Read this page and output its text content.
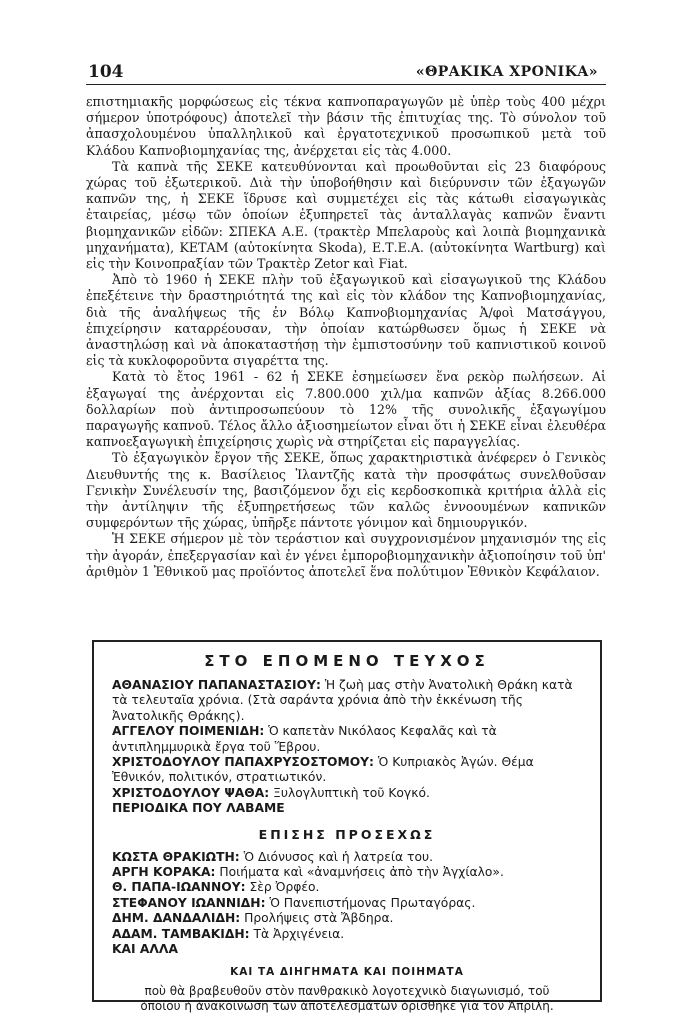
104	«ΘΡΑΚΙΚΑ ΧΡΟΝΙΚΑ»

επιστημιακῆς μορφώσεως εἰς τέκνα καπνοπαραγωγῶν μὲ ὑπὲρ τοὺς 400 μέχρι σήμερον ὑποτρόφους) ἀποτελεῖ τὴν βάσιν τῆς ἐπιτυχίας της. Τὸ σύνολον τοῦ ἀπασχολουμένου ὑπαλληλικοῦ καὶ ἐργατοτεχνικοῦ προσωπικοῦ μετὰ τοῦ Κλάδου Καπνοβιομηχανίας της, ἀνέρχεται εἰς τὰς 4.000.

Τὰ καπνὰ τῆς ΣΕΚΕ κατευθύνονται καὶ προωθοῦνται εἰς 23 διαφόρους χώρας τοῦ ἐξωτερικοῦ. Διὰ τὴν ὑποβοήθησιν καὶ διεύρυνσιν τῶν ἐξαγωγῶν καπνῶν της, ἡ ΣΕΚΕ ἵδρυσε καὶ συμμετέχει εἰς τὰς κάτωθι εἰσαγωγικὰς ἑταιρείας, μέσῳ τῶν ὁποίων ἐξυπηρετεῖ τὰς ἀνταλλαγὰς καπνῶν ἔναντι βιομηχανικῶν εἰδῶν: ΣΠΕΚΑ Α.Ε. (τρακτὲρ Μπελαροὺς καὶ λοιπὰ βιομηχανικὰ μηχανήματα), ΚΕΤΑΜ (αὐτοκίνητα Skoda), Ε.Τ.Ε.Α. (αὐτοκίνητα Wartburg) καὶ εἰς τὴν Κοινοπραξίαν τῶν Τρακτὲρ Zetor καὶ Fiat.

Ἀπὸ τὸ 1960 ἡ ΣΕΚΕ πλὴν τοῦ ἐξαγωγικοῦ καὶ εἰσαγωγικοῦ της Κλάδου ἐπεξέτεινε τὴν δραστηριότητά της καὶ εἰς τὸν κλάδον της Καπνοβιομηχανίας, διὰ τῆς ἀναλήψεως τῆς ἐν Βόλῳ Καπνοβιομηχανίας Ἀ/φοὶ Ματσάγγου, ἐπιχείρησιν καταρρέουσαν, τὴν ὁποίαν κατώρθωσεν ὅμως ἡ ΣΕΚΕ νὰ ἀναστηλώσῃ καὶ νὰ ἀποκαταστήσῃ τὴν ἐμπιστοσύνην τοῦ καπνιστικοῦ κοινοῦ εἰς τὰ κυκλοφοροῦντα σιγαρέττα της.

Κατὰ τὸ ἔτος 1961 - 62 ἡ ΣΕΚΕ ἐσημείωσεν ἕνα ρεκὸρ πωλήσεων. Αἱ ἐξαγωγαί της ἀνέρχονται εἰς 7.800.000 χιλ/μα καπνῶν ἀξίας 8.266.000 δολλαρίων ποὺ ἀντιπροσωπεύουν τὸ 12% τῆς συνολικῆς ἐξαγωγίμου παραγωγῆς καπνοῦ. Τέλος ἄλλο ἀξιοσημείωτον εἶναι ὅτι ἡ ΣΕΚΕ εἶναι ἐλευθέρα καπνοεξαγωγικὴ ἐπιχείρησις χωρὶς νὰ στηρίζεται εἰς παραγγελίας.

Τὸ ἐξαγωγικὸν ἔργον τῆς ΣΕΚΕ, ὅπως χαρακτηριστικὰ ἀνέφερεν ὁ Γενικὸς Διευθυντής της κ. Βασίλειος Ἰλαντζῆς κατὰ τὴν προσφάτως συνελθοῦσαν Γενικὴν Συνέλευσίν της, βασιζόμενον ὄχι εἰς κερδοσκοπικὰ κριτήρια ἀλλὰ εἰς τὴν ἀντίληψιν τῆς ἐξυπηρετήσεως τῶν καλῶς ἐννοουμένων καπνικῶν συμφερόντων τῆς χώρας, ὑπῆρξε πάντοτε γόνιμον καὶ δημιουργικόν.

Ἡ ΣΕΚΕ σήμερον μὲ τὸν τεράστιον καὶ συγχρονισμένον μηχανισμόν της εἰς τὴν ἀγοράν, ἐπεξεργασίαν καὶ ἐν γένει ἐμπορoβιομηχανικὴν ἀξιοποίησιν τοῦ ὑπ' ἀριθμὸν 1 Ἐθνικοῦ μας προϊόντος ἀποτελεῖ ἕνα πολύτιμον Ἐθνικὸν Κεφάλαιον.

ΣΤΟ ΕΠΟΜΕΝΟ ΤΕΥΧΟΣ
ΑΘΑΝΑΣΙΟΥ ΠΑΠΑΝΑΣΤΑΣΙΟΥ: Ἡ ζωὴ μας στὴν Ἀνατολικὴ Θράκη κατὰ τὰ τελευταῖα χρόνια. (Στὰ σαράντα χρόνια ἀπὸ τὴν ἐκκένωση τῆς Ἀνατολικῆς Θράκης).
ΑΓΓΕΛΟΥ ΠΟΙΜΕΝΙΔΗ: Ὁ καπετὰν Νικόλαος Κεφαλᾶς καὶ τὰ ἀντιπλημμυρικὰ ἔργα τοῦ Ἕβρου.
ΧΡΙΣΤΟΔΟΥΛΟΥ ΠΑΠΑΧΡΥΣΟΣΤΟΜΟΥ: Ὁ Κυπριακὸς Ἀγών. Θέμα Ἐθνικόν, πολιτικόν, στρατιωτικόν.
ΧΡΙΣΤΟΔΟΥΛΟΥ ΨΑΘΑ: Ξυλογλυπτικὴ τοῦ Κογκό.
ΠΕΡΙΟΔΙΚΑ ΠΟΥ ΛΑΒΑΜΕ
ΕΠΙΣΗΣ ΠΡΟΣΕΧΩΣ
ΚΩΣΤΑ ΘΡΑΚΙΩΤΗ: Ὁ Διόνυσος καὶ ἡ λατρεία του.
ΑΡΓΗ ΚΟΡΑΚΑ: Ποιήματα καὶ «ἀναμνήσεις ἀπὸ τὴν Ἀγχίαλο».
Θ. ΠΑΠΑ-ΙΩΑΝΝΟΥ: Σὲρ Ὀρφέο.
ΣΤΕΦΑΝΟΥ ΙΩΑΝΝΙΔΗ: Ὁ Πανεπιστήμονας Πρωταγόρας.
ΔΗΜ. ΔΑΝΔΑΛΙΔΗ: Προλήψεις στὰ Ἄβδηρα.
ΑΔΑΜ. ΤΑΜΒΑΚΙΔΗ: Τὰ Ἀρχιγένεια.
ΚΑΙ ΑΛΛΑ
ΚΑΙ ΤΑ ΔΙΗΓΗΜΑΤΑ ΚΑΙ ΠΟΙΗΜΑΤΑ
ποὺ θὰ βραβευθοῦν στὸν πανθρακικὸ λογοτεχνικὸ διαγωνισμό, τοῦ
ὁποίου ἡ ἀνακοίνωση τῶν ἀποτελεσμάτων ὁρίσθηκε γιὰ τὸν Ἀπρίλη.
